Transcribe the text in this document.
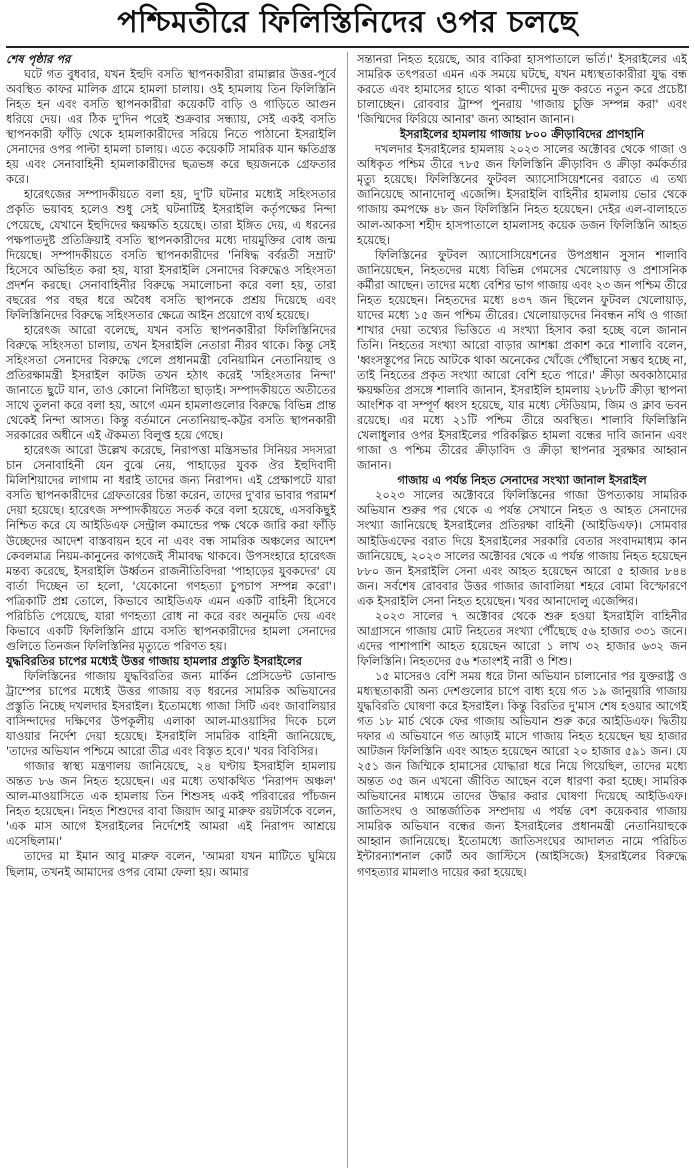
পশ্চিমতীরে ফিলিস্তিনিদের ওপর চলছে

শেষ পৃষ্ঠার পর

ঘটে গত বুধবার, যখন ইহুদি বসতি স্থাপনকারীরা রামাল্লার উত্তর-পূর্বে অবস্থিত কাফর মালিক গ্রামে হামলা চালায়। ওই হামলায় তিন ফিলিস্তিনি নিহত হন এবং বসতি স্থাপনকারীরা কয়েকটি বাড়ি ও গাড়িতে আগুন ধরিয়ে দেয়। এর ঠিক দু'দিন পরেই শুক্রবার সন্ধ্যায়, সেই একই বসতি স্থাপনকারী ফাঁড়ি থেকে হামলাকারীদের সরিয়ে নিতে পাঠানো ইসরাইলি সেনাদের ওপর পাল্টা হামলা চালায়। এতে কয়েকটি সামরিক যান ক্ষতিগ্রস্ত হয় এবং সেনাবাহিনী হামলাকারীদের ছত্রভঙ্গ করে ছয়জনকে গ্রেফতার করে।

হারেৎজের সম্পাদকীয়তে বলা হয়, দু'টি ঘটনার মধ্যেই সহিংসতার প্রকৃতি ভয়াবহ হলেও শুধু সেই ঘটনাটিই ইসরাইলি কর্তৃপক্ষের নিন্দা পেয়েছে, যেখানে ইহুদিদের ক্ষয়ক্ষতি হয়েছে। তারা ইঙ্গিত দেয়, এ ধরনের পক্ষপাতদুষ্ট প্রতিক্রিয়াই বসতি স্থাপনকারীদের মধ্যে দায়মুক্তির বোধ জন্ম দিয়েছে। সম্পাদকীয়তে বসতি স্থাপনকারীদের 'নিষিদ্ধ বর্বরতী সম্রাট' হিসেবে অভিহিত করা হয়, যারা ইসরাইলি সেনাদের বিরুদ্ধেও সহিংসতা প্রদর্শন করছে। সেনাবাহিনীর বিরুদ্ধে সমালোচনা করে বলা হয়, তারা বছরের পর বছর ধরে অবৈধ বসতি স্থাপনকে প্রশ্রয় দিয়েছে এবং ফিলিস্তিনিদের বিরুদ্ধে সহিংসতার ক্ষেত্রে আইন প্রয়োগে ব্যর্থ হয়েছে।

হারেৎজ আরো বলেছে, যখন বসতি স্থাপনকারীরা ফিলিস্তিনিদের বিরুদ্ধে সহিংসতা চালায়, তখন ইসরাইলি নেতারা নীরব থাকে। কিন্তু সেই সহিংসতা সেনাদের বিরুদ্ধে গেলে প্রধানমন্ত্রী বেনিয়ামিন নেতানিয়াহু ও প্রতিরক্ষামন্ত্রী ইসরাইল কাটজ তখন হঠাৎ করেই 'সহিংসতার নিন্দা' জানাতে ছুটে যান, তাও কোনো নির্দিষ্টতা ছাড়াই। সম্পাদকীয়তে অতীতের সাথে তুলনা করে বলা হয়, আগে এমন হামলাগুলোর বিরুদ্ধে বিভিন্ন প্রান্ত থেকেই নিন্দা আসত। কিন্তু বর্তমানে নেতানিয়াহু-কট্টর বসতি স্থাপনকারী সরকারের অধীনে এই ঐকমত্য বিলুপ্ত হয়ে গেছে।

হারেৎজ আরো উল্লেখ করেছে, নিরাপত্তা মন্ত্রিসভার সিনিয়র সদস্যরা চান সেনাবাহিনী যেন বুঝে নেয়, পাহাড়ের যুবক ঔর ইহুদিবাদী মিলিশিয়াদের লাগাম না ধরাই তাদের জন্য নিরাপদ। এই প্রেক্ষাপটে যারা বসতি স্থাপনকারীদের গ্রেফতারের চিন্তা করেন, তাদের দু'বার ভাবার পরামর্শ দেয়া হয়েছে। হারেৎজ সম্পাদকীয়তে সতর্ক করে বলা হয়েছে, এসবকিছুই নিশ্চিত করে যে আইডিএফ সেন্ট্রাল কমান্ডের পক্ষ থেকে জারি করা ফাঁড়ি উচ্ছেদের আদেশ বাস্তবায়ন হবে না এবং বন্ধ সামরিক অঞ্চলের আদেশ কেবলমাত্র নিয়ম-কানুনের কাগজেই সীমাবদ্ধ থাকবে। উপসংহারে হারেৎজ মন্তব্য করেছে, ইসরাইলি উর্ধ্বতন রাজনীতিবিদরা 'পাহাড়ের যুবকদের' যে বার্তা দিচ্ছেন তা হলো, 'যেকোনো গণহত্যা চুপচাপ সম্পন্ন করো'। পত্রিকাটি প্রশ্ন তোলে, কিভাবে আইডিএফ এমন একটি বাহিনী হিসেবে পরিচিতি পেয়েছে, যারা গণহত্যা রোধ না করে বরং অনুমতি দেয় এবং কিভাবে একটি ফিলিস্তিনি গ্রামে বসতি স্থাপনকারীদের হামলা সেনাদের গুলিতে তিনজন ফিলিস্তিনির মৃত্যুতে পরিণত হয়।

যুদ্ধবিরতির চাপের মধ্যেই উত্তর গাজায় হামলার প্রস্তুতি ইসরাইলের

ফিলিস্তিনের গাজায় যুদ্ধবিরতির জন্য মার্কিন প্রেসিডেন্ট ডোনাল্ড ট্রাম্পের চাপের মধ্যেই উত্তর গাজায় বড় ধরনের সামরিক অভিযানের প্রস্তুতি নিচ্ছে দখলদার ইসরাইল। ইতোমধ্যে গাজা সিটি এবং জাবালিয়ার বাসিন্দাদের দক্ষিণের উপকূলীয় এলাকা আল-মাওয়াসির দিকে চলে যাওয়ার নির্দেশ দেয়া হয়েছে। ইসরাইলি সামরিক বাহিনী জানিয়েছে, 'তাদের অভিযান পশ্চিমে আরো তীব্র এবং বিস্তৃত হবে।' খবর বিবিসির।

গাজার স্বাস্থ্য মন্ত্রণালয় জানিয়েছে, ২৪ ঘণ্টায় ইসরাইলি হামলায় অন্তত ৮৬ জন নিহত হয়েছেন। এর মধ্যে তথাকথিত 'নিরাপদ অঞ্চল' আল-মাওয়াসিতে এক হামলায় তিন শিশুসহ একই পরিবারের পাঁচজন নিহত হয়েছেন। নিহত শিশুদের বাবা জিয়াদ আবু মারুফ রয়টার্সকে বলেন, 'এক মাস আগে ইসরাইলের নির্দেশেই আমরা এই নিরাপদ আশ্রয়ে এসেছিলাম।'

তাদের মা ইমান আবু মারুফ বলেন, 'আমরা যখন মাটিতে ঘুমিয়ে ছিলাম, তখনই আমাদের ওপর বোমা ফেলা হয়। আমার

সন্তানরা নিহত হয়েছে, আর বাকিরা হাসপাতালে ভর্তি।' ইসরাইলের এই সামরিক তৎপরতা এমন এক সময়ে ঘটছে, যখন মধ্যস্থতাকারীরা যুদ্ধ বন্ধ করতে এবং হামাসের হাতে থাকা বন্দীদের মুক্ত করতে নতুন করে প্রচেষ্টা চালাচ্ছেন। রোববার ট্রাম্প পুনরায় 'গাজায় চুক্তি সম্পন্ন করা' এবং 'জিম্মিদের ফিরিয়ে আনার' জন্য আহ্বান জানান।

ইসরাইলের হামলায় গাজায় ৮০০ ক্রীড়াবিদের প্রাণহানি

দখলদার ইসরাইলের হামলায় ২০২৩ সালের অক্টোবর থেকে গাজা ও অধিকৃত পশ্চিম তীরে ৭৮৫ জন ফিলিস্তিনি ক্রীড়াবিদ ও ক্রীড়া কর্মকর্তার মৃত্যু হয়েছে। ফিলিস্তিনের ফুটবল অ্যাসোসিয়েশনের বরাতে এ তথ্য জানিয়েছে আনাদোলু এজেন্সি। ইসরাইলি বাহিনীর হামলায় ভোর থেকে গাজায় কমপক্ষে ৪৮ জন ফিলিস্তিনি নিহত হয়েছেন। দেইর এল-বালাহতে আল-আকসা শহীদ হাসপাতালে হামলাসহ কয়েক ডজন ফিলিস্তিনি আহত হয়েছে।

ফিলিস্তিনের ফুটবল অ্যাসোসিয়েশনের উপপ্রধান সুসান শালাবি জানিয়েছেন, নিহতদের মধ্যে বিভিন্ন গেমসের খেলোয়াড় ও প্রশাসনিক কর্মীরা আছেন। তাদের মধ্যে বেশির ভাগ গাজায় এবং ২৩ জন পশ্চিম তীরে নিহত হয়েছেন। নিহতদের মধ্যে ৪৩৭ জন ছিলেন ফুটবল খেলোয়াড়, যাদের মধ্যে ১৫ জন পশ্চিম তীরের। খেলোয়াড়দের নিবন্ধন নথি ও গাজা শাখার দেয়া তথ্যের ভিত্তিতে এ সংখ্যা হিসাব করা হচ্ছে বলে জানান তিনি। নিহতের সংখ্যা আরো বাড়ার আশঙ্কা প্রকাশ করে শালাবি বলেন, 'ধ্বংসস্তূপের নিচে আটকে থাকা অনেকের খোঁজে পৌঁছানো সম্ভব হচ্ছে না, তাই নিহতের প্রকৃত সংখ্যা আরো বেশি হতে পারে।' ক্রীড়া অবকাঠামোর ক্ষয়ক্ষতির প্রসঙ্গে শালাবি জানান, ইসরাইলি হামলায় ২৮৮টি ক্রীড়া স্থাপনা আংশিক বা সম্পূর্ণ ধ্বংস হয়েছে, যার মধ্যে স্টেডিয়াম, জিম ও ক্লাব ভবন রয়েছে। এর মধ্যে ২১টি পশ্চিম তীরে অবস্থিত। শালাবি ফিলিস্তিনি খেলাধুলার ওপর ইসরাইলের পরিকল্পিত হামলা বন্ধের দাবি জানান এবং গাজা ও পশ্চিম তীরের ক্রীড়াবিদ ও ক্রীড়া স্থাপনার সুরক্ষার আহ্বান জানান।

গাজায় এ পর্যন্ত নিহত সেনাদের সংখ্যা জানাল ইসরাইল

২০২৩ সালের অক্টোবরে ফিলিস্তিনের গাজা উপত্যকায় সামরিক অভিযান শুরুর পর থেকে এ পর্যন্ত সেখানে নিহত ও আহত সেনাদের সংখ্যা জানিয়েছে ইসরাইলের প্রতিরক্ষা বাহিনী (আইডিএফ)। সোমবার আইডিএফের বরাত দিয়ে ইসরাইলের সরকারি বেতার সংবাদমাধ্যম কান জানিয়েছে, ২০২৩ সালের অক্টোবর থেকে এ পর্যন্ত গাজায় নিহত হয়েছেন ৮৮০ জন ইসরাইলি সেনা এবং আহত হয়েছেন আরো ৫ হাজার ৮৪৪ জন। সর্বশেষ রোববার উত্তর গাজার জাবালিয়া শহরে বোমা বিস্ফোরণে এক ইসরাইলি সেনা নিহত হয়েছেন। খবর আনাদোলু এজেন্সির।

২০২৩ সালের ৭ অক্টোবর থেকে শুরু হওয়া ইসরাইলি বাহিনীর আগ্রাসনে গাজায় মোট নিহতের সংখ্যা পৌঁছেছে ৫৬ হাজার ৩৩১ জনে। এদের পাশাপাশি আহত হয়েছেন আরো ১ লাখ ৩২ হাজার ৬৩২ জন ফিলিস্তিনি। নিহতদের ৫৬ শতাংশই নারী ও শিশু।

১৫ মাসেরও বেশি সময় ধরে টানা অভিযান চালানোর পর যুক্তরাষ্ট্র ও মধ্যস্থতাকারী অন্য দেশগুলোর চাপে বাধ্য হয়ে গত ১৯ জানুয়ারি গাজায় যুদ্ধবিরতি ঘোষণা করে ইসরাইল। কিন্তু বিরতির দু'মাস শেষ হওয়ার আগেই গত ১৮ মার্চ থেকে ফের গাজায় অভিযান শুরু করে আইডিএফ। দ্বিতীয় দফার এ অভিযানে গত আড়াই মাসে গাজায় নিহত হয়েছেন ছয় হাজার আটজন ফিলিস্তিনি এবং আহত হয়েছেন আরো ২০ হাজার ৫৯১ জন। যে ২৫১ জন জিম্মিকে হামাসের যোদ্ধারা ধরে নিয়ে গিয়েছিল, তাদের মধ্যে অন্তত ৩৫ জন এখনো জীবিত আছেন বলে ধারণা করা হচ্ছে। সামরিক অভিযানের মাধ্যমে তাদের উদ্ধার করার ঘোষণা দিয়েছে আইডিএফ। জাতিসংঘ ও আন্তর্জাতিক সম্প্রদায় এ পর্যন্ত বেশ কয়েকবার গাজায় সামরিক অভিযান বন্ধের জন্য ইসরাইলের প্রধানমন্ত্রী নেতানিয়াহুকে আহ্বান জানিয়েছে। ইতোমধ্যে জাতিসংঘের আদালত নামে পরিচিত ইন্টারন্যাশনাল কোর্ট অব জাস্টিসে (আইসিজে) ইসরাইলের বিরুদ্ধে গণহত্যার মামলাও দায়ের করা হয়েছে।
